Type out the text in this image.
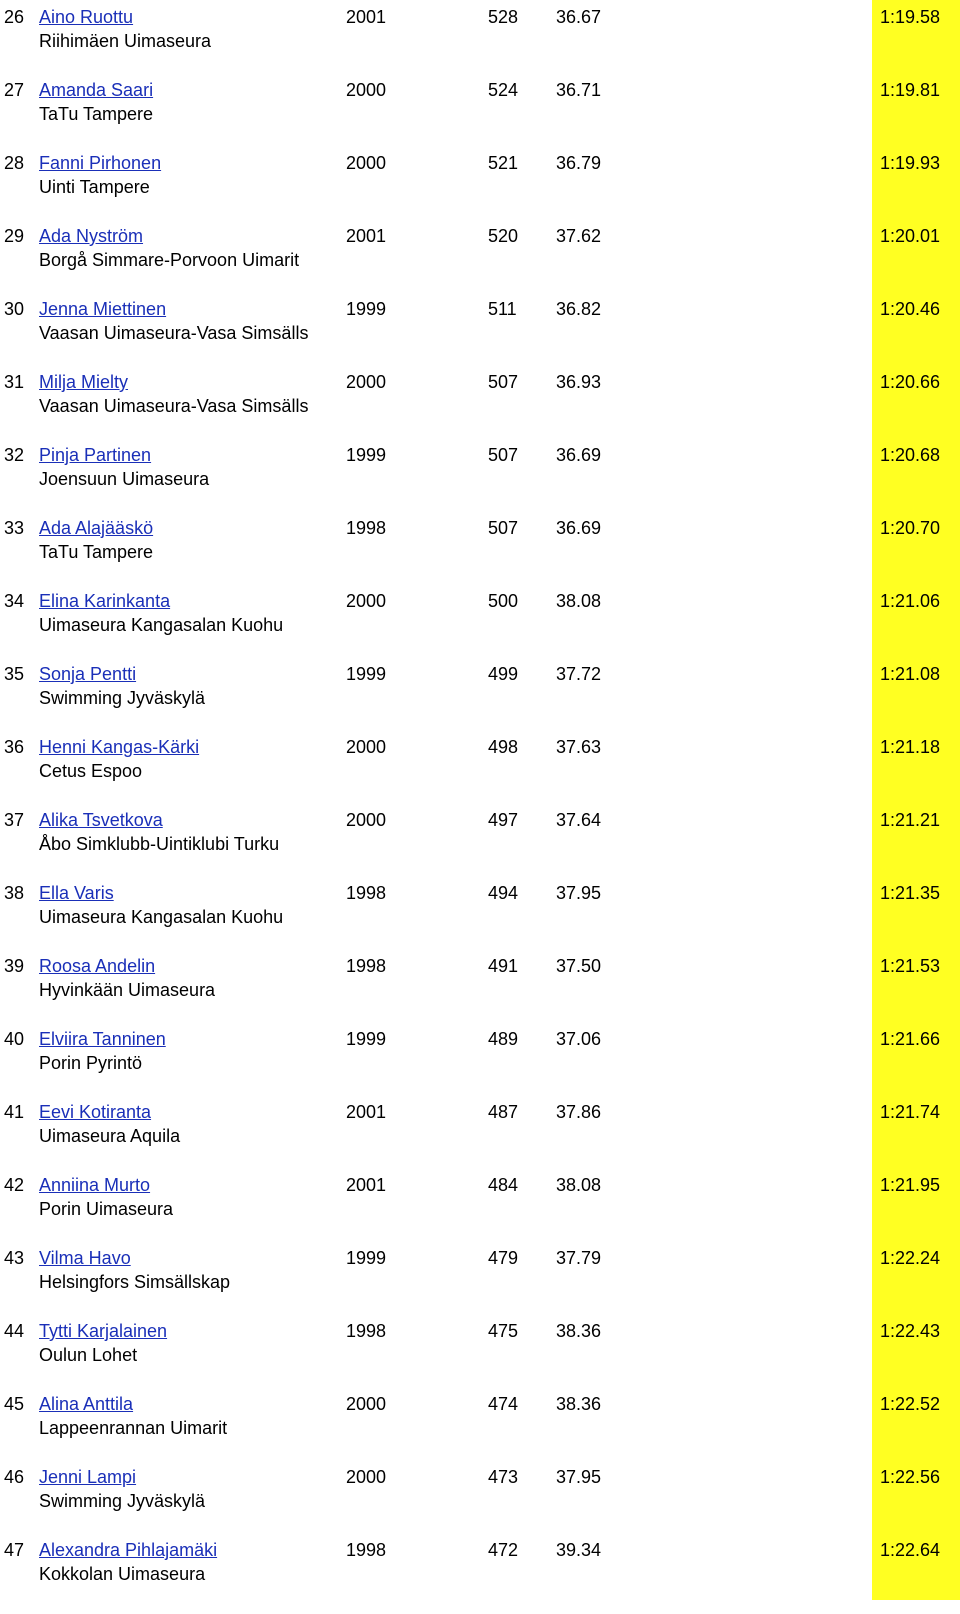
26 Aino Ruottu
Riihimäen Uimaseura
2001	528 36.67	1:19.58
27 Amanda Saari
TaTu Tampere
2000	524 36.71	1:19.81
28 Fanni Pirhonen
Uinti Tampere
2000	521 36.79	1:19.93
29 Ada Nyström
Borgå Simmare-Porvoon Uimarit
2001	520 37.62	1:20.01
30 Jenna Miettinen
Vaasan Uimaseura-Vasa Simsälls
1999	511 36.82	1:20.46
31 Milja Mielty
Vaasan Uimaseura-Vasa Simsälls
2000	507 36.93	1:20.66
32 Pinja Partinen
Joensuun Uimaseura
1999	507 36.69	1:20.68
33 Ada Alajääskö
TaTu Tampere
1998	507 36.69	1:20.70
34 Elina Karinkanta
Uimaseura Kangasalan Kuohu
2000	500 38.08	1:21.06
35 Sonja Pentti
Swimming Jyväskylä
1999	499 37.72	1:21.08
36 Henni Kangas-Kärki
Cetus Espoo
2000	498 37.63	1:21.18
37 Alika Tsvetkova
Åbo Simklubb-Uintiklubi Turku
2000	497 37.64	1:21.21
38 Ella Varis
Uimaseura Kangasalan Kuohu
1998	494 37.95	1:21.35
39 Roosa Andelin
Hyvinkään Uimaseura
1998	491 37.50	1:21.53
40 Elviira Tanninen
Porin Pyrintö
1999	489 37.06	1:21.66
41 Eevi Kotiranta
Uimaseura Aquila
2001	487 37.86	1:21.74
42 Anniina Murto
Porin Uimaseura
2001	484 38.08	1:21.95
43 Vilma Havo
Helsingfors Simsällskap
1999	479 37.79	1:22.24
44 Tytti Karjalainen
Oulun Lohet
1998	475 38.36	1:22.43
45 Alina Anttila
Lappeenrannan Uimarit
2000	474 38.36	1:22.52
46 Jenni Lampi
Swimming Jyväskylä
2000	473 37.95	1:22.56
47 Alexandra Pihlajamäki
Kokkolan Uimaseura
1998	472 39.34	1:22.64
